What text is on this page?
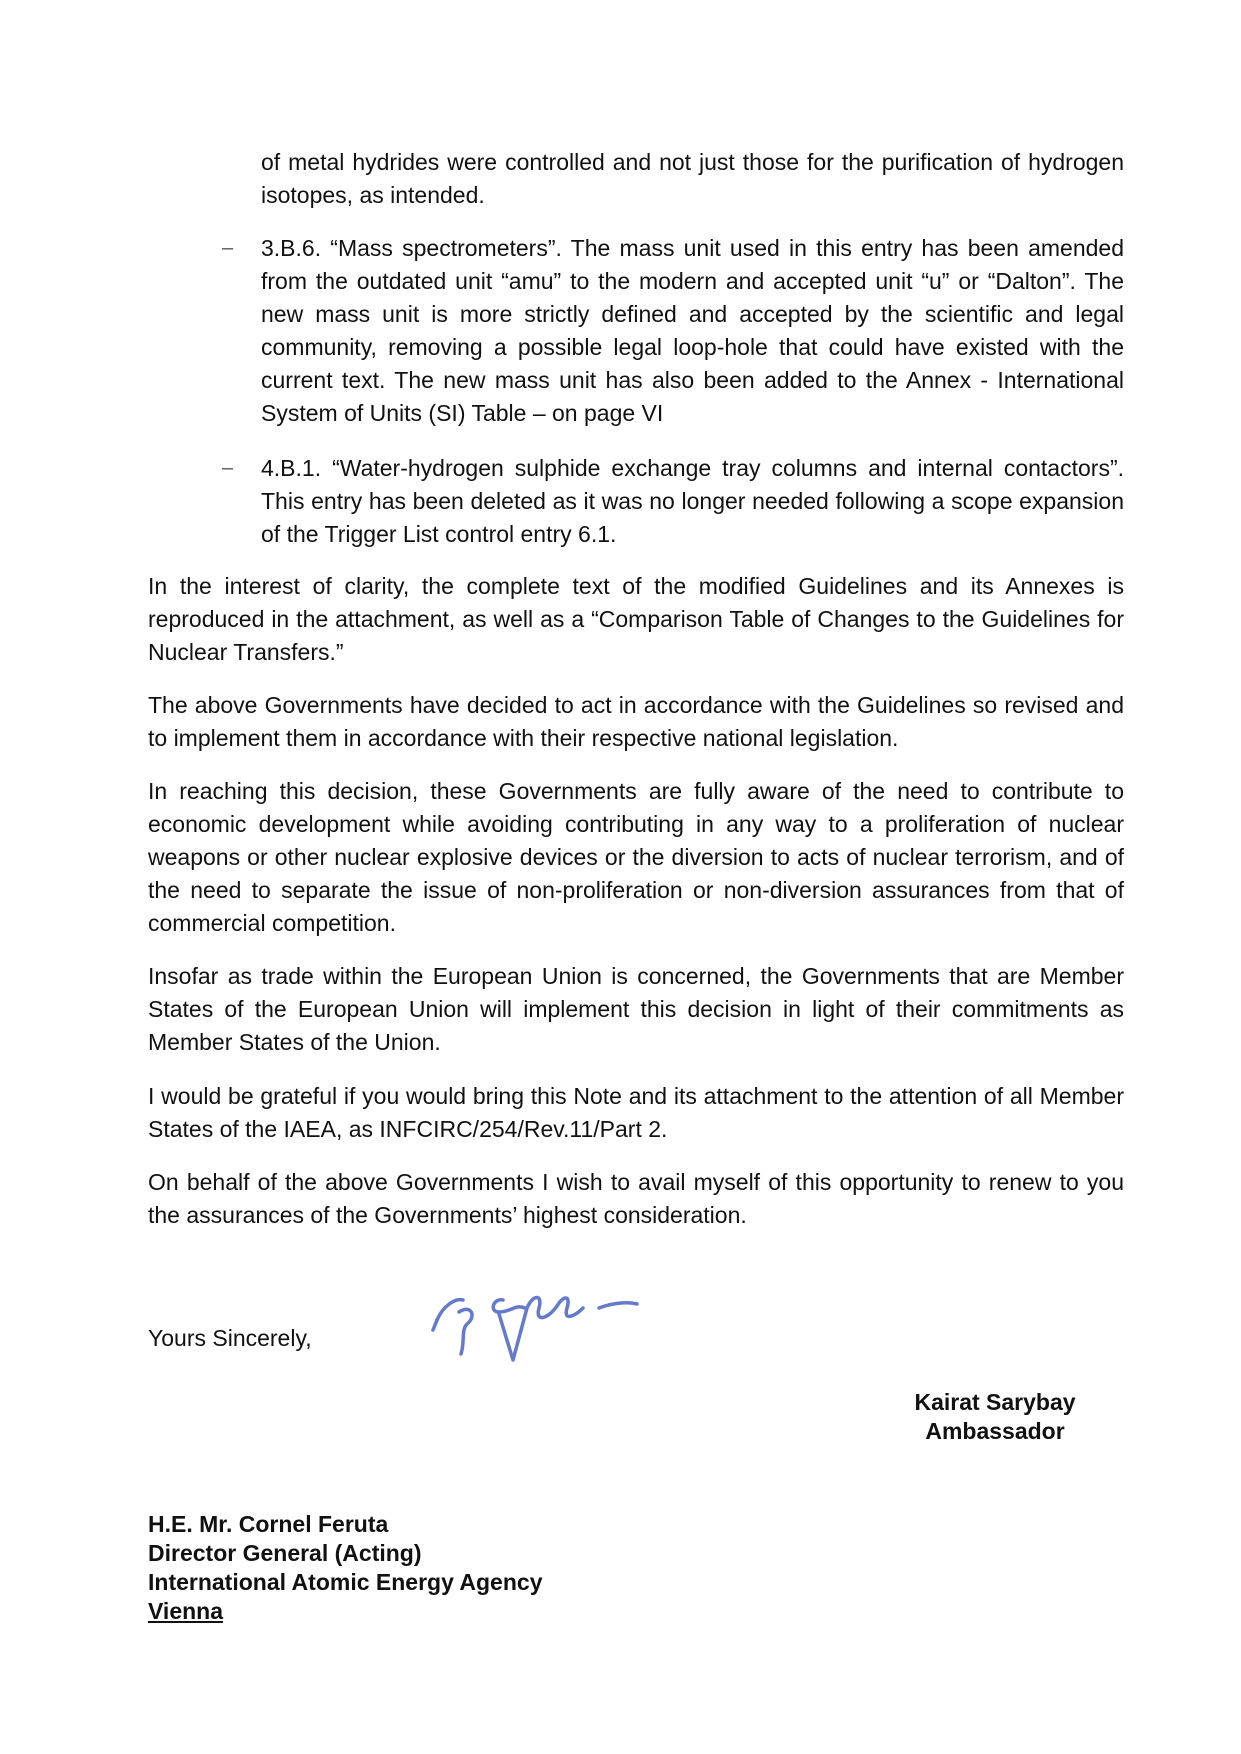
of metal hydrides were controlled and not just those for the purification of hydrogen isotopes, as intended.

– 3.B.6. “Mass spectrometers”. The mass unit used in this entry has been amended from the outdated unit “amu” to the modern and accepted unit “u” or “Dalton”. The new mass unit is more strictly defined and accepted by the scientific and legal community, removing a possible legal loop-hole that could have existed with the current text. The new mass unit has also been added to the Annex - International System of Units (SI) Table – on page VI

– 4.B.1. “Water-hydrogen sulphide exchange tray columns and internal contactors”. This entry has been deleted as it was no longer needed following a scope expansion of the Trigger List control entry 6.1.

In the interest of clarity, the complete text of the modified Guidelines and its Annexes is reproduced in the attachment, as well as a “Comparison Table of Changes to the Guidelines for Nuclear Transfers.”

The above Governments have decided to act in accordance with the Guidelines so revised and to implement them in accordance with their respective national legislation.

In reaching this decision, these Governments are fully aware of the need to contribute to economic development while avoiding contributing in any way to a proliferation of nuclear weapons or other nuclear explosive devices or the diversion to acts of nuclear terrorism, and of the need to separate the issue of non-proliferation or non-diversion assurances from that of commercial competition.

Insofar as trade within the European Union is concerned, the Governments that are Member States of the European Union will implement this decision in light of their commitments as Member States of the Union.

I would be grateful if you would bring this Note and its attachment to the attention of all Member States of the IAEA, as INFCIRC/254/Rev.11/Part 2.

On behalf of the above Governments I wish to avail myself of this opportunity to renew to you the assurances of the Governments’ highest consideration.

Yours Sincerely,

Kairat Sarybay

Ambassador

H.E. Mr. Cornel Feruta

Director General (Acting)

International Atomic Energy Agency

Vienna
